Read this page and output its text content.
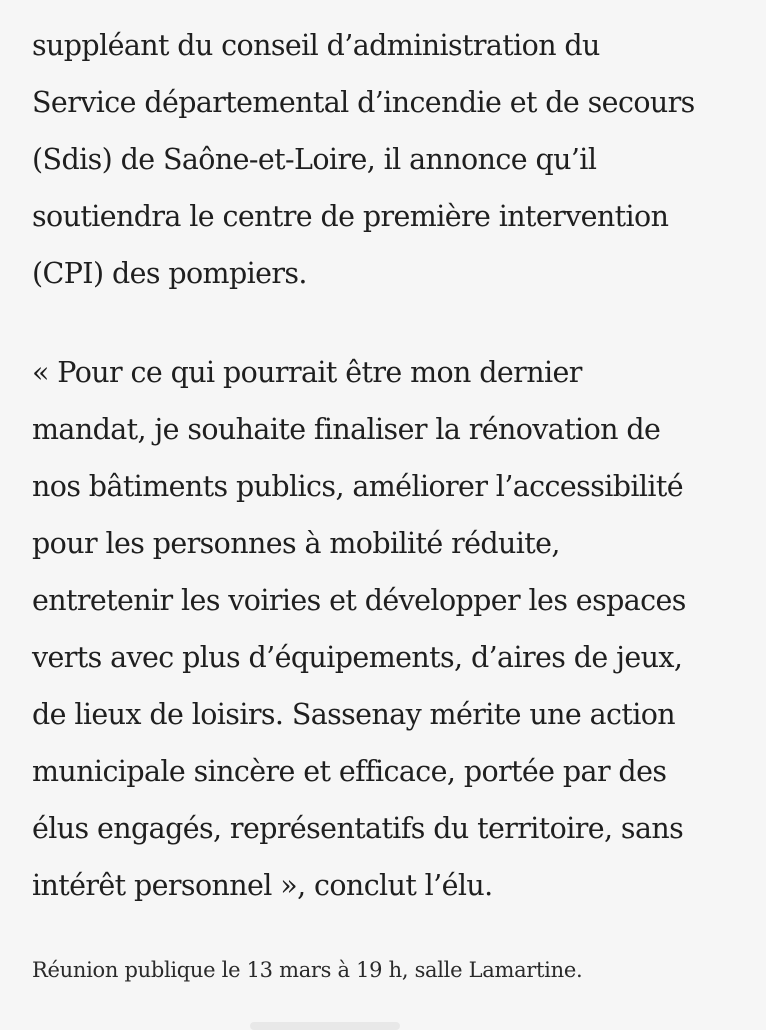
suppléant du conseil d’administration du
Service départemental d’incendie et de secours
(Sdis) de Saône-et-Loire, il annonce qu’il
soutiendra le centre de première intervention
(CPI) des pompiers.
« Pour ce qui pourrait être mon dernier
mandat, je souhaite finaliser la rénovation de
nos bâtiments publics, améliorer l’accessibilité
pour les personnes à mobilité réduite,
entretenir les voiries et développer les espaces
verts avec plus d’équipements, d’aires de jeux,
de lieux de loisirs. Sassenay mérite une action
municipale sincère et efficace, portée par des
élus engagés, représentatifs du territoire, sans
intérêt personnel », conclut l’élu.
Réunion publique le 13 mars à 19 h, salle Lamartine.
